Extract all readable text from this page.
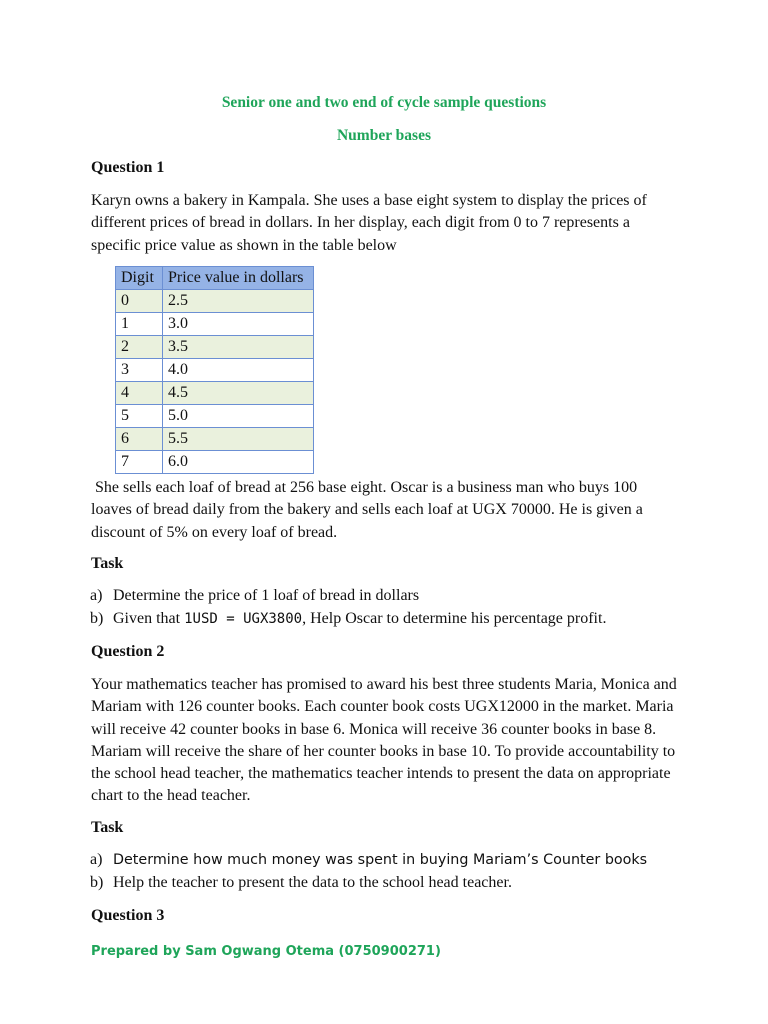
Senior one and two end of cycle sample questions
Number bases
Question 1

Karyn owns a bakery in Kampala. She uses a base eight system to display the prices of different prices of bread in dollars. In her display, each digit from 0 to 7 represents a specific price value as shown in the table below

Digit	Price value in dollars
0	2.5
1	3.0
2	3.5
3	4.0
4	4.5
5	5.0
6	5.5
7	6.0

She sells each loaf of bread at 256 base eight. Oscar is a business man who buys 100 loaves of bread daily from the bakery and sells each loaf at UGX 70000. He is given a discount of 5% on every loaf of bread.

Task
a) Determine the price of 1 loaf of bread in dollars
b) Given that 1USD = UGX3800, Help Oscar to determine his percentage profit.
Question 2

Your mathematics teacher has promised to award his best three students Maria, Monica and Mariam with 126 counter books. Each counter book costs UGX12000 in the market. Maria will receive 42 counter books in base 6. Monica will receive 36 counter books in base 8. Mariam will receive the share of her counter books in base 10. To provide accountability to the school head teacher, the mathematics teacher intends to present the data on appropriate chart to the head teacher.

Task
a) Determine how much money was spent in buying Mariam’s Counter books
b) Help the teacher to present the data to the school head teacher.
Question 3
Prepared by Sam Ogwang Otema (0750900271)
